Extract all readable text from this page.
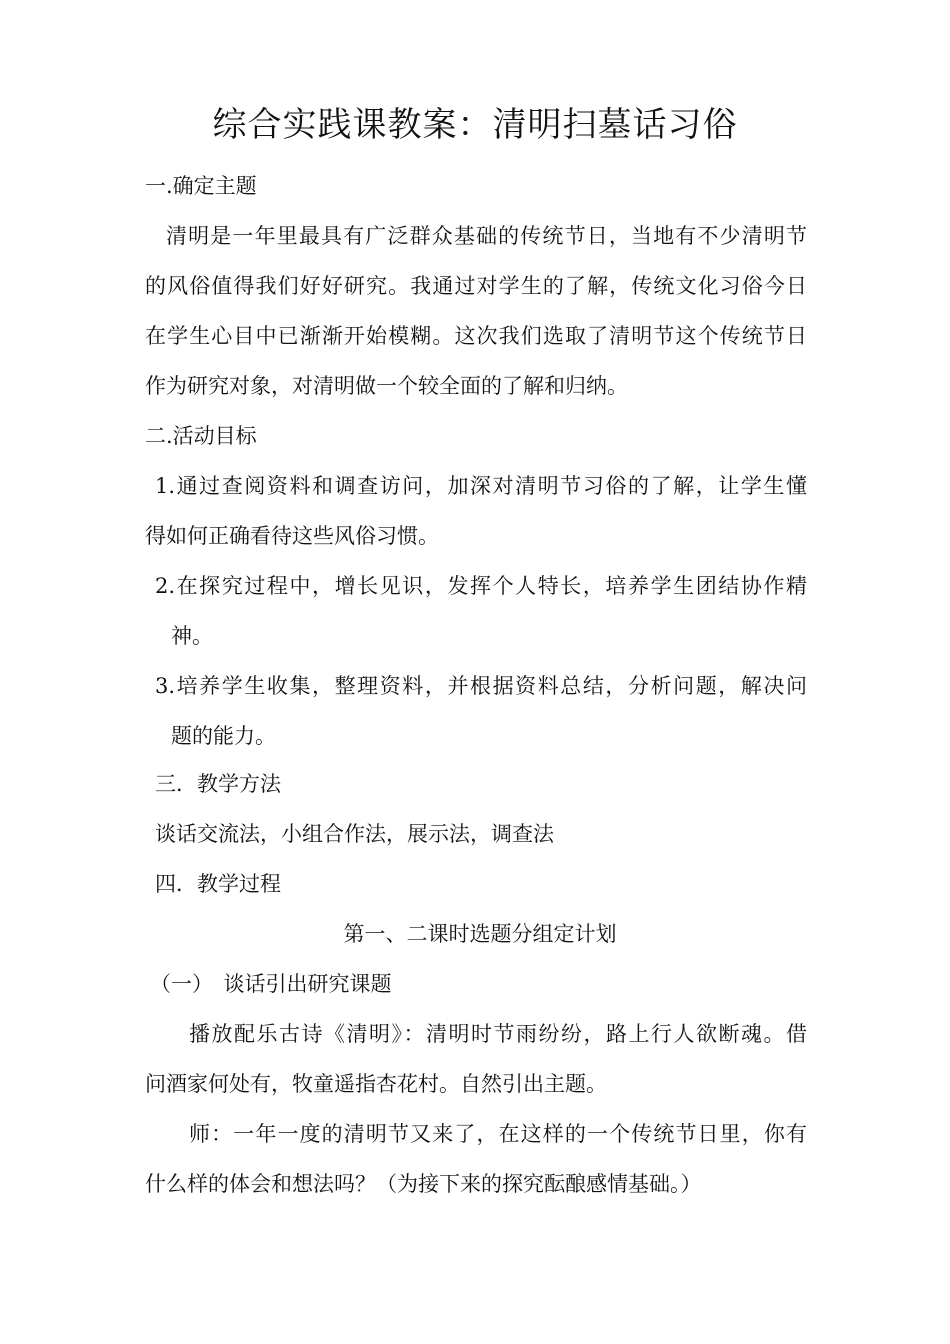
综合实践课教案：清明扫墓话习俗

一.确定主题

清明是一年里最具有广泛群众基础的传统节日，当地有不少清明节

的风俗值得我们好好研究。我通过对学生的了解，传统文化习俗今日

在学生心目中已渐渐开始模糊。这次我们选取了清明节这个传统节日

作为研究对象，对清明做一个较全面的了解和归纳。

二.活动目标

1.通过查阅资料和调查访问，加深对清明节习俗的了解，让学生懂

得如何正确看待这些风俗习惯。

2.在探究过程中，增长见识，发挥个人特长，培养学生团结协作精

神。

3.培养学生收集，整理资料，并根据资料总结，分析问题，解决问

题的能力。

三．教学方法

谈话交流法，小组合作法，展示法，调查法

四．教学过程

第一、二课时选题分组定计划

（一）　谈话引出研究课题

播放配乐古诗《清明》：清明时节雨纷纷，路上行人欲断魂。借

问酒家何处有，牧童遥指杏花村。自然引出主题。

师：一年一度的清明节又来了，在这样的一个传统节日里，你有

什么样的体会和想法吗？（为接下来的探究酝酿感情基础。）
